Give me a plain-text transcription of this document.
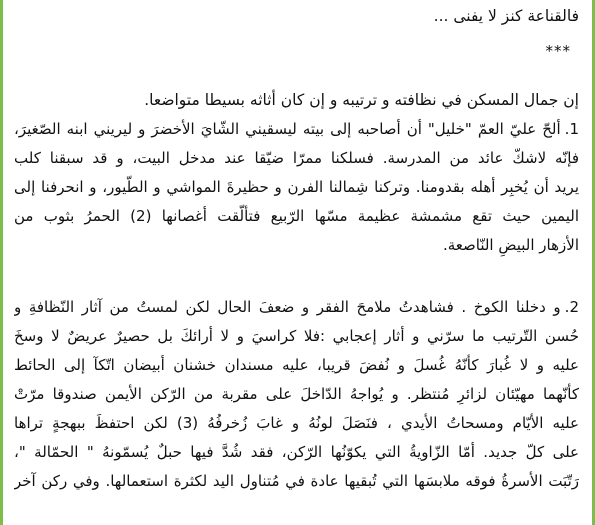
فالقناعة كنز لا يفنى ...
***
إن جمال المسكن في نظافته و ترتيبه و إن كان أثاثه بسيطا متواضعا.
1.ألحّ عليّ العمّ "خليل" أن أصاحبه إلى بيته ليسقيني الشّايَ الأخضرَ و ليريني ابنه الصّغيرَ،
فإنّه لاشكّ عائد من المدرسة. فسلكنا ممرّا ضيّقا عند مدخل البيت، و قد سبقنا كلب
يريد أن يُخبِر أهله بقدومنا. وتركنا شِمالنا الفرن و حظيرةَ المواشي و الطّيور، و انحرفنا إلى
اليمين حيث تقع مشمشة عظيمة مسّها الرّبيع فتألّقت أغصانها (2) الحمرُ بثوب من
الأزهار البيضِ النّاصعة.
2.و دخلنا الكوخ . فشاهدتُ ملامحَ الفقر و ضعفَ الحال لكن لمستُ من آثار النّظافةِ و
حُسن التّرتيب ما سرّني و أثار إعجابي :فلا كراسيَ و لا أرائكَ بل حصيرٌ عريضٌ لا وسخَ
عليه و لا غُبارَ كأنّهُ غُسلَ و نُفضَ قريبا، عليه مسندان خشنان أبيضان اتّكآ إلى الحائط
كأنّهما مهيّئان لزائرِ مُنتظر. و يُواجهُ الدّاخلَ على مقربة من الرّكن الأيمن صندوقا مرّتْ
عليه الأيّام ومسحاتُ الأيدي ، فنَصَلَ لونُهُ و غابَ زُخرفُهُ (3) لكن احتفظَ ببهجةٍ تراها
على كلّ جديد. أمّا الزّاويةُ التي يكوّنُها الرّكن، فقد شُدَّ فيها حبلٌ يُسمّونهُ " الحمّالة "،
رَتّبَت الأسرةُ فوقه ملابسَها التي تُبقيها عادة في مُتناول اليد لكثرة استعمالها. وفي ركن آخر
